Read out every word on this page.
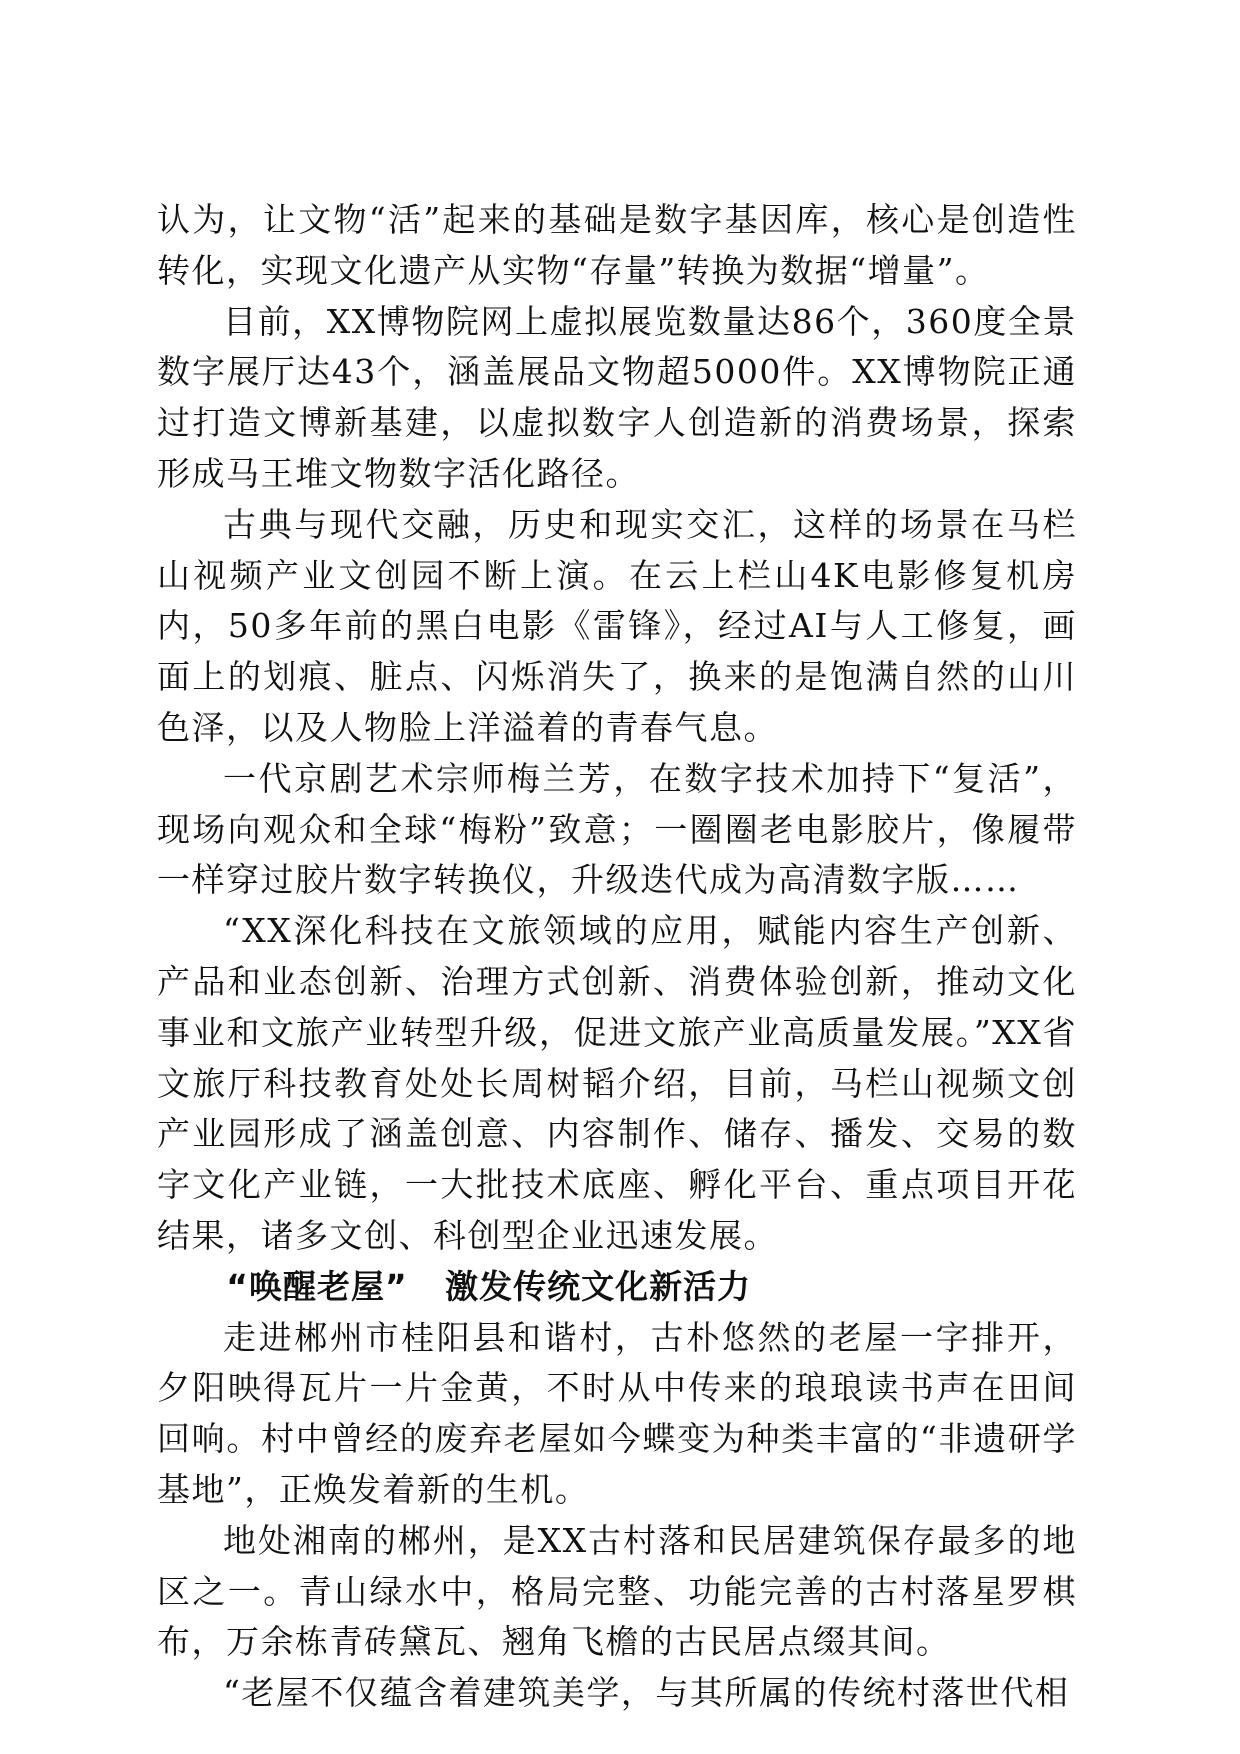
认为，让文物“活”起来的基础是数字基因库，核心是创造性转化，实现文化遗产从实物“存量”转换为数据“增量”。

目前，XX博物院网上虚拟展览数量达86个，360度全景数字展厅达43个，涵盖展品文物超5000件。XX博物院正通过打造文博新基建，以虚拟数字人创造新的消费场景，探索形成马王堆文物数字活化路径。

古典与现代交融，历史和现实交汇，这样的场景在马栏山视频产业文创园不断上演。在云上栏山4K电影修复机房内，50多年前的黑白电影《雷锋》，经过AI与人工修复，画面上的划痕、脏点、闪烁消失了，换来的是饱满自然的山川色泽，以及人物脸上洋溢着的青春气息。

一代京剧艺术宗师梅兰芳，在数字技术加持下“复活”，现场向观众和全球“梅粉”致意；一圈圈老电影胶片，像履带一样穿过胶片数字转换仪，升级迭代成为高清数字版……

“XX深化科技在文旅领域的应用，赋能内容生产创新、产品和业态创新、治理方式创新、消费体验创新，推动文化事业和文旅产业转型升级，促进文旅产业高质量发展。”XX省文旅厅科技教育处处长周树韬介绍，目前，马栏山视频文创产业园形成了涵盖创意、内容制作、储存、播发、交易的数字文化产业链，一大批技术底座、孵化平台、重点项目开花结果，诸多文创、科创型企业迅速发展。

“唤醒老屋”   激发传统文化新活力

走进郴州市桂阳县和谐村，古朴悠然的老屋一字排开，夕阳映得瓦片一片金黄，不时从中传来的琅琅读书声在田间回响。村中曾经的废弃老屋如今蝶变为种类丰富的“非遗研学基地”，正焕发着新的生机。

地处湘南的郴州，是XX古村落和民居建筑保存最多的地区之一。青山绿水中，格局完整、功能完善的古村落星罗棋布，万余栋青砖黛瓦、翘角飞檐的古民居点缀其间。

“老屋不仅蕴含着建筑美学，与其所属的传统村落世代相
